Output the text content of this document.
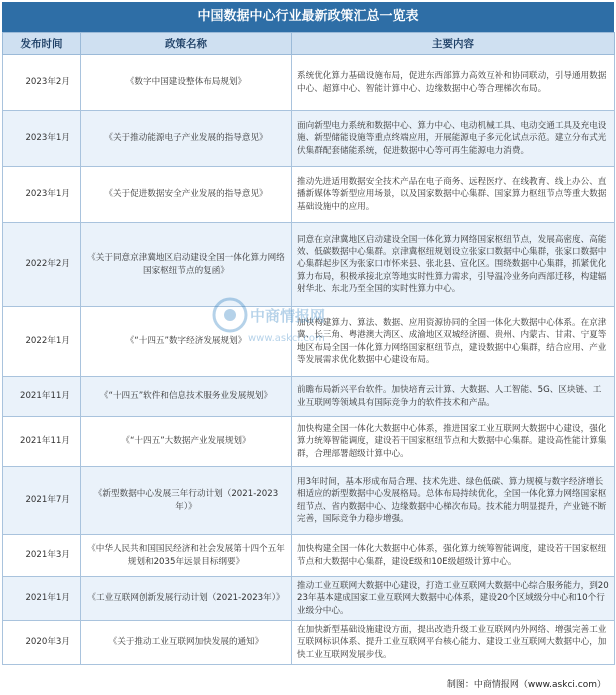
中国数据中心行业最新政策汇总一览表
发布时间	政策名称	主要内容
2023年2月	《数字中国建设整体布局规划》	系统优化算力基础设施布局，促进东西部算力高效互补和协同联动，引导通用数据中心、超算中心、智能计算中心、边缘数据中心等合理梯次布局。
2023年1月	《关于推动能源电子产业发展的指导意见》	面向新型电力系统和数据中心、算力中心、电动机械工具、电动交通工具及充电设施、新型储能设施等重点终端应用，开展能源电子多元化试点示范。建立分布式光伏集群配套储能系统，促进数据中心等可再生能源电力消费。
2023年1月	《关于促进数据安全产业发展的指导意见》	推动先进适用数据安全技术产品在电子商务、远程医疗、在线教育、线上办公、直播新媒体等新型应用场景，以及国家数据中心集群、国家算力枢纽节点等重大数据基础设施中的应用。
2022年2月	《关于同意京津冀地区启动建设全国一体化算力网络国家枢纽节点的复函》	同意在京津冀地区启动建设全国一体化算力网络国家枢纽节点，发展高密度、高能效、低碳数据中心集群。京津冀枢纽规划设立张家口数据中心集群，张家口数据中心集群起步区为张家口市怀来县、张北县、宣化区。围绕数据中心集群，抓紧优化算力布局，积极承接北京等地实时性算力需求，引导温冷业务向西部迁移，构建辐射华北、东北乃至全国的实时性算力中心。
2022年1月	《“十四五”数字经济发展规划》	加快构建算力、算法、数据、应用资源协同的全国一体化大数据中心体系。在京津冀、长三角、粤港澳大湾区、成渝地区双城经济圈、贵州、内蒙古、甘肃、宁夏等地区布局全国一体化算力网络国家枢纽节点，建设数据中心集群，结合应用、产业等发展需求优化数据中心建设布局。
2021年11月	《“十四五”软件和信息技术服务业发展规划》	前瞻布局新兴平台软件。加快培育云计算、大数据、人工智能、5G、区块链、工业互联网等领域具有国际竞争力的软件技术和产品。
2021年11月	《“十四五”大数据产业发展规划》	加快构建全国一体化大数据中心体系，推进国家工业互联网大数据中心建设，强化算力统筹智能调度，建设若干国家枢纽节点和大数据中心集群。建设高性能计算集群，合理部署超级计算中心。
2021年7月	《新型数据中心发展三年行动计划（2021-2023年）》	用3年时间，基本形成布局合理、技术先进、绿色低碳、算力规模与数字经济增长相适应的新型数据中心发展格局。总体布局持续优化，全国一体化算力网络国家枢纽节点、省内数据中心、边缘数据中心梯次布局。技术能力明显提升，产业链不断完善，国际竞争力稳步增强。
2021年3月	《中华人民共和国国民经济和社会发展第十四个五年规划和2035年远景目标纲要》	加快构建全国一体化大数据中心体系，强化算力统筹智能调度，建设若干国家枢纽节点和大数据中心集群，建设E级和10E级超级计算中心。
2021年1月	《工业互联网创新发展行动计划（2021-2023年）》	推动工业互联网大数据中心建设，打造工业互联网大数据中心综合服务能力，到2023年基本建成国家工业互联网大数据中心体系，建设20个区域级分中心和10个行业级分中心。
2020年3月	《关于推动工业互联网加快发展的通知》	在加快新型基础设施建设方面，提出改造升级工业互联网内外网络、增强完善工业互联网标识体系、提升工业互联网平台核心能力、建设工业互联网大数据中心，加快工业互联网发展步伐。
中商情报网
www.askci.com
制图：中商情报网（www.askci.com）
